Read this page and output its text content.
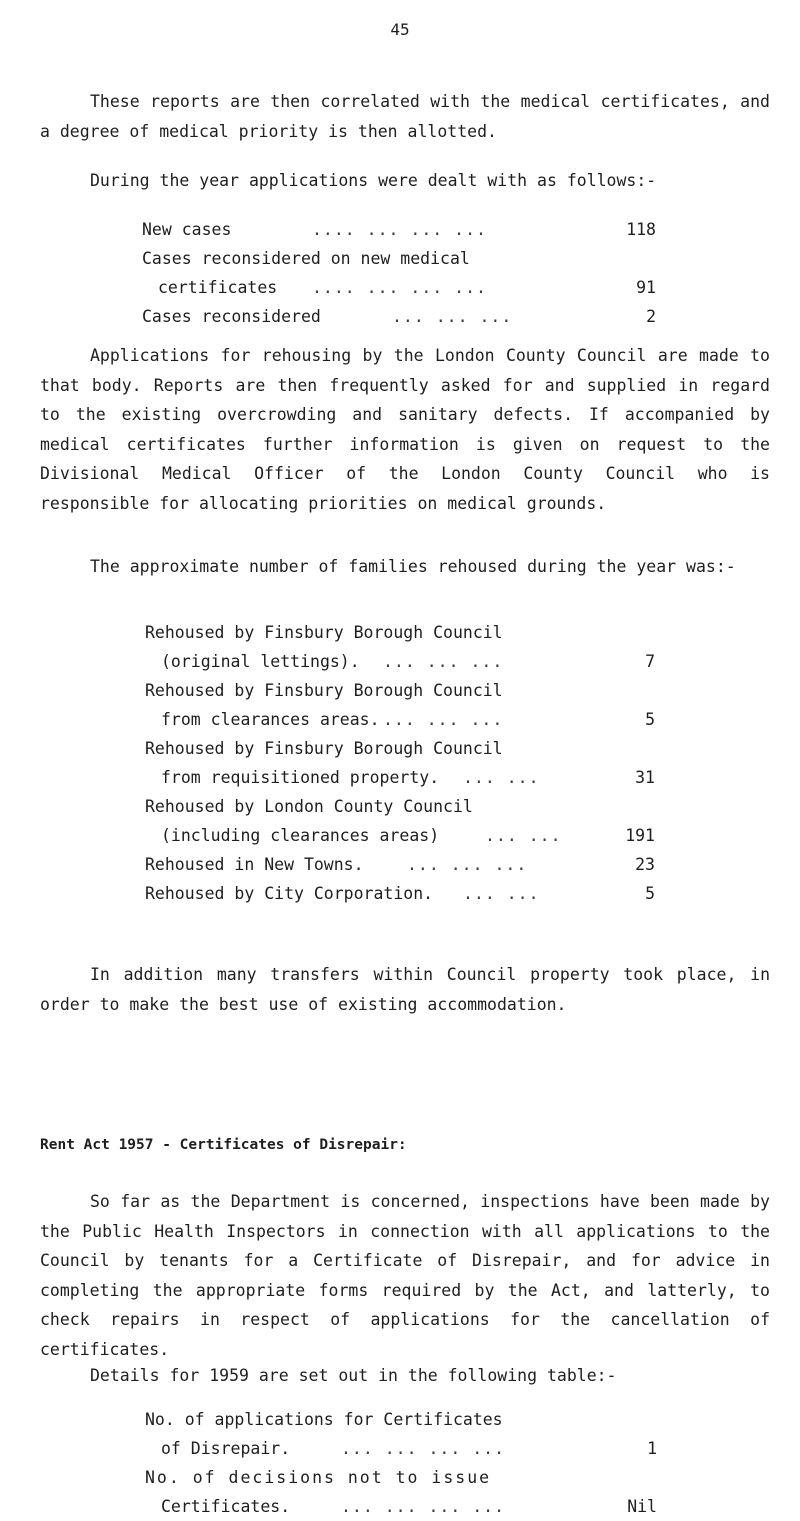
45

These reports are then correlated with the medical certificates, and a degree of medical priority is then allotted.

During the year applications were dealt with as follows:-

New cases	.... ... ... ...	118
Cases reconsidered on new medical
certificates .... ... ... ...	91
Cases reconsidered	... ... ...	2

Applications for rehousing by the London County Council are made to that body. Reports are then frequently asked for and supplied in regard to the existing overcrowding and sanitary defects. If accompanied by medical certificates further information is given on request to the Divisional Medical Officer of the London County Council who is responsible for allocating priorities on medical grounds.

The approximate number of families rehoused during the year was:-

Rehoused by Finsbury Borough Council
(original lettings). ... ... ...	7
Rehoused by Finsbury Borough Council
from clearances areas. ... ... ...	5
Rehoused by Finsbury Borough Council
from requisitioned property. ... ...	31
Rehoused by London County Council
(including clearances areas)	... ...	191
Rehoused in New Towns.	... ... ...	23
Rehoused by City Corporation. ... ...	5

In addition many transfers within Council property took place, in order to make the best use of existing accommodation.

Rent Act 1957 - Certificates of Disrepair:

So far as the Department is concerned, inspections have been made by the Public Health Inspectors in connection with all applications to the Council by tenants for a Certificate of Disrepair, and for advice in completing the appropriate forms required by the Act, and latterly, to check repairs in respect of applications for the cancellation of certificates.

Details for 1959 are set out in the following table:-

No. of applications for Certificates
of Disrepair.	... ... ... ...	1
No. of decisions not to issue
Certificates.	... ... ... ...	Nil
